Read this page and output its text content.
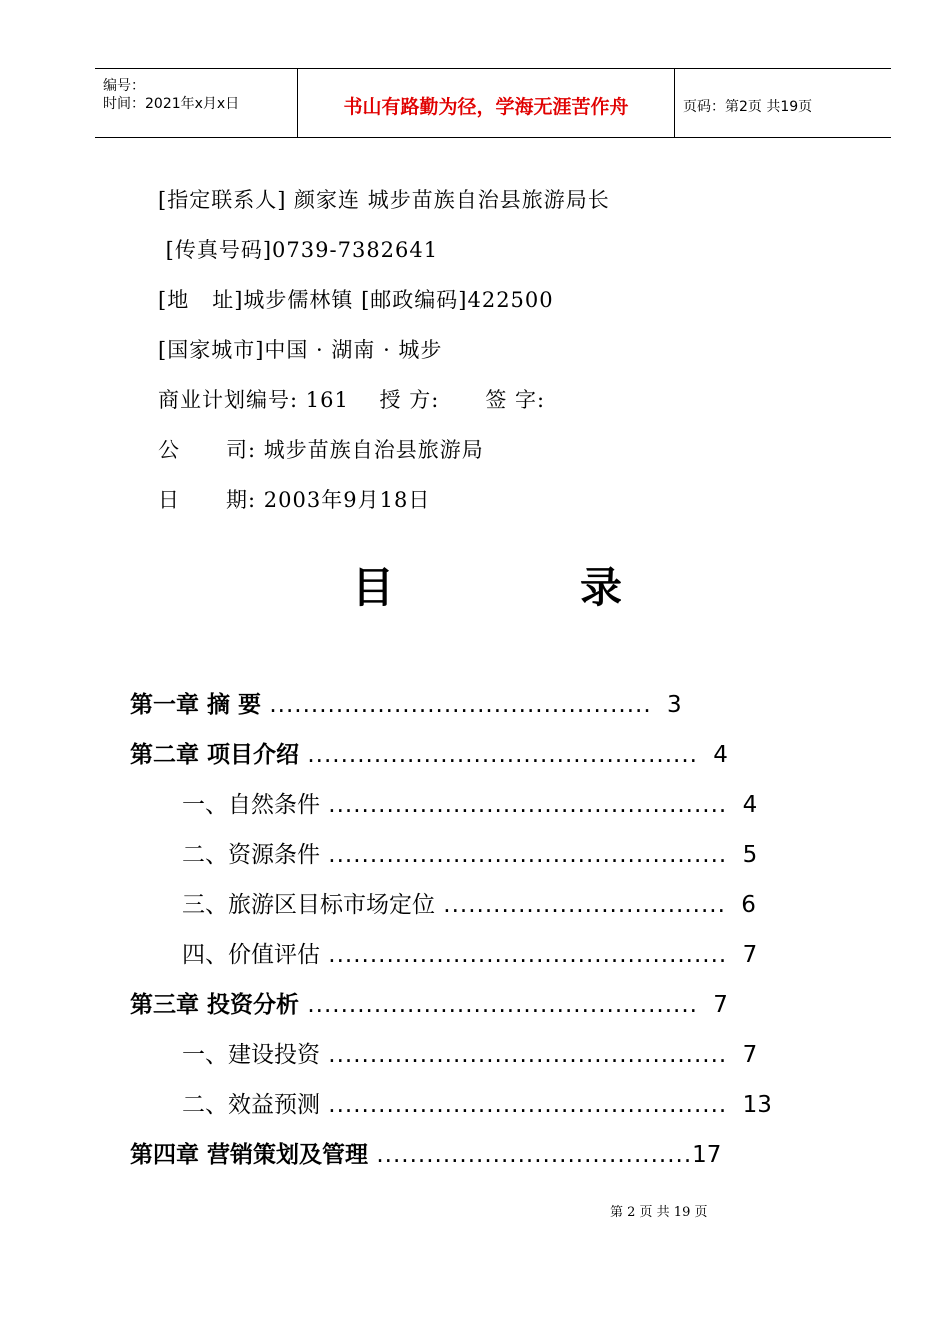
编号：
时间：2021年x月x日	书山有路勤为径，学海无涯苦作舟	页码：第2页 共19页
[指定联系人] 颜家连 城步苗族自治县旅游局长
[传真号码]0739-7382641
[地   址]城步儒林镇 [邮政编码]422500
[国家城市]中国 · 湖南 · 城步
商业计划编号: 161    授 方:      签 字:
公      司: 城步苗族自治县旅游局
日      期: 2003年9月18日
目	录
第一章 摘 要 .............................................. 3
第二章 项目介绍 ............................................... 4
一、自然条件 ................................................ 4
二、资源条件 ................................................ 5
三、旅游区目标市场定位 .................................. 6
四、价值评估 ................................................ 7
第三章 投资分析 ............................................... 7
一、建设投资 ................................................ 7
二、效益预测 ................................................ 13
第四章 营销策划及管理 ......................................17
第 2 页 共 19 页
